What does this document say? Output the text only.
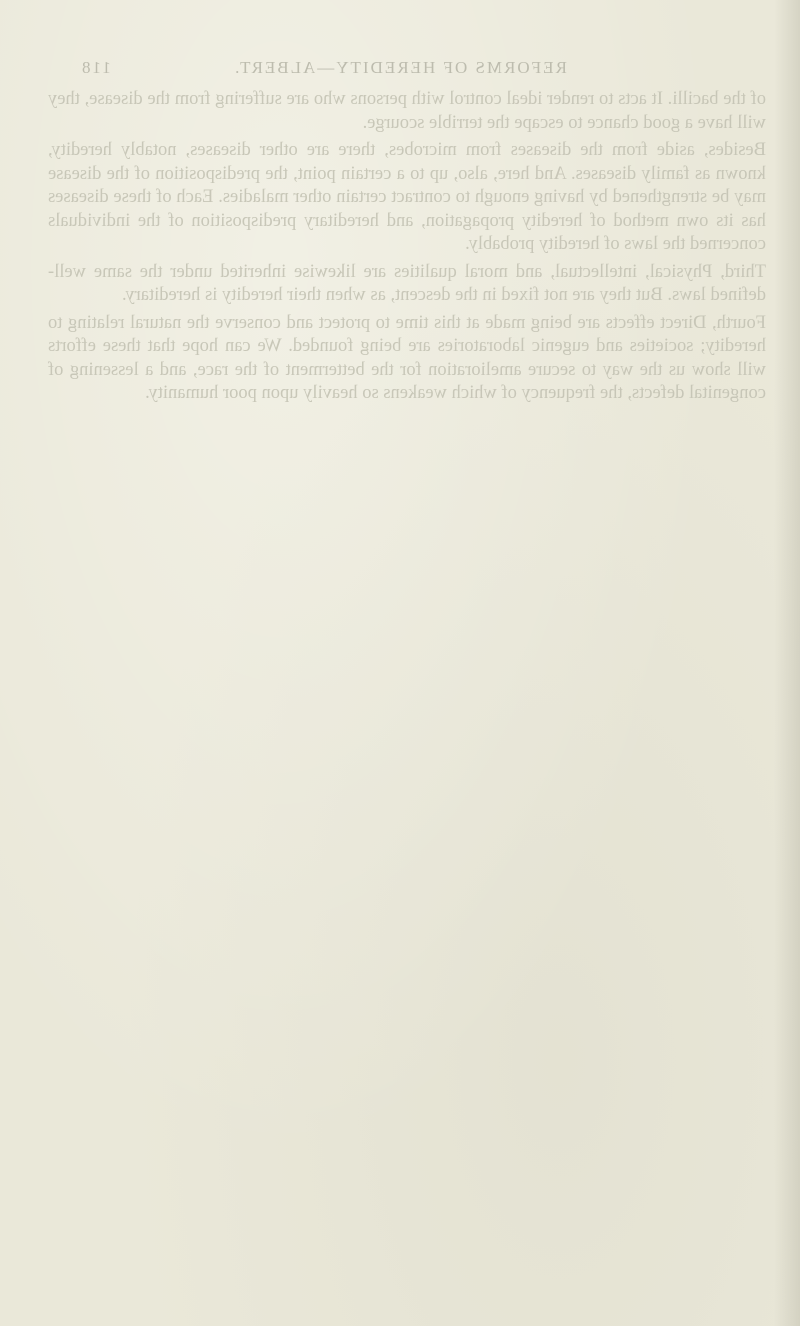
REFORMS OF HEREDITY—ALBERT.
118

of the bacilli. It acts to render ideal control with persons who are suffering from the disease, they will have a good chance to escape the terrible scourge.

Besides, aside from the diseases from microbes, there are other diseases, notably heredity, known as family diseases. And here, also, up to a certain point, the predisposition of the disease may be strengthened by having enough to contract certain other maladies. Each of these diseases has its own method of heredity propagation, and hereditary predisposition of the individuals concerned the laws of heredity probably.

Third, Physical, intellectual, and moral qualities are likewise inherited under the same well-defined laws. But they are not fixed in the descent, as when their heredity is hereditary.

Fourth, Direct effects are being made at this time to protect and conserve the natural relating to heredity; societies and eugenic laboratories are being founded. We can hope that these efforts will show us the way to secure amelioration for the betterment of the race, and a lessening of congenital defects, the frequency of which weakens so heavily upon poor humanity.
